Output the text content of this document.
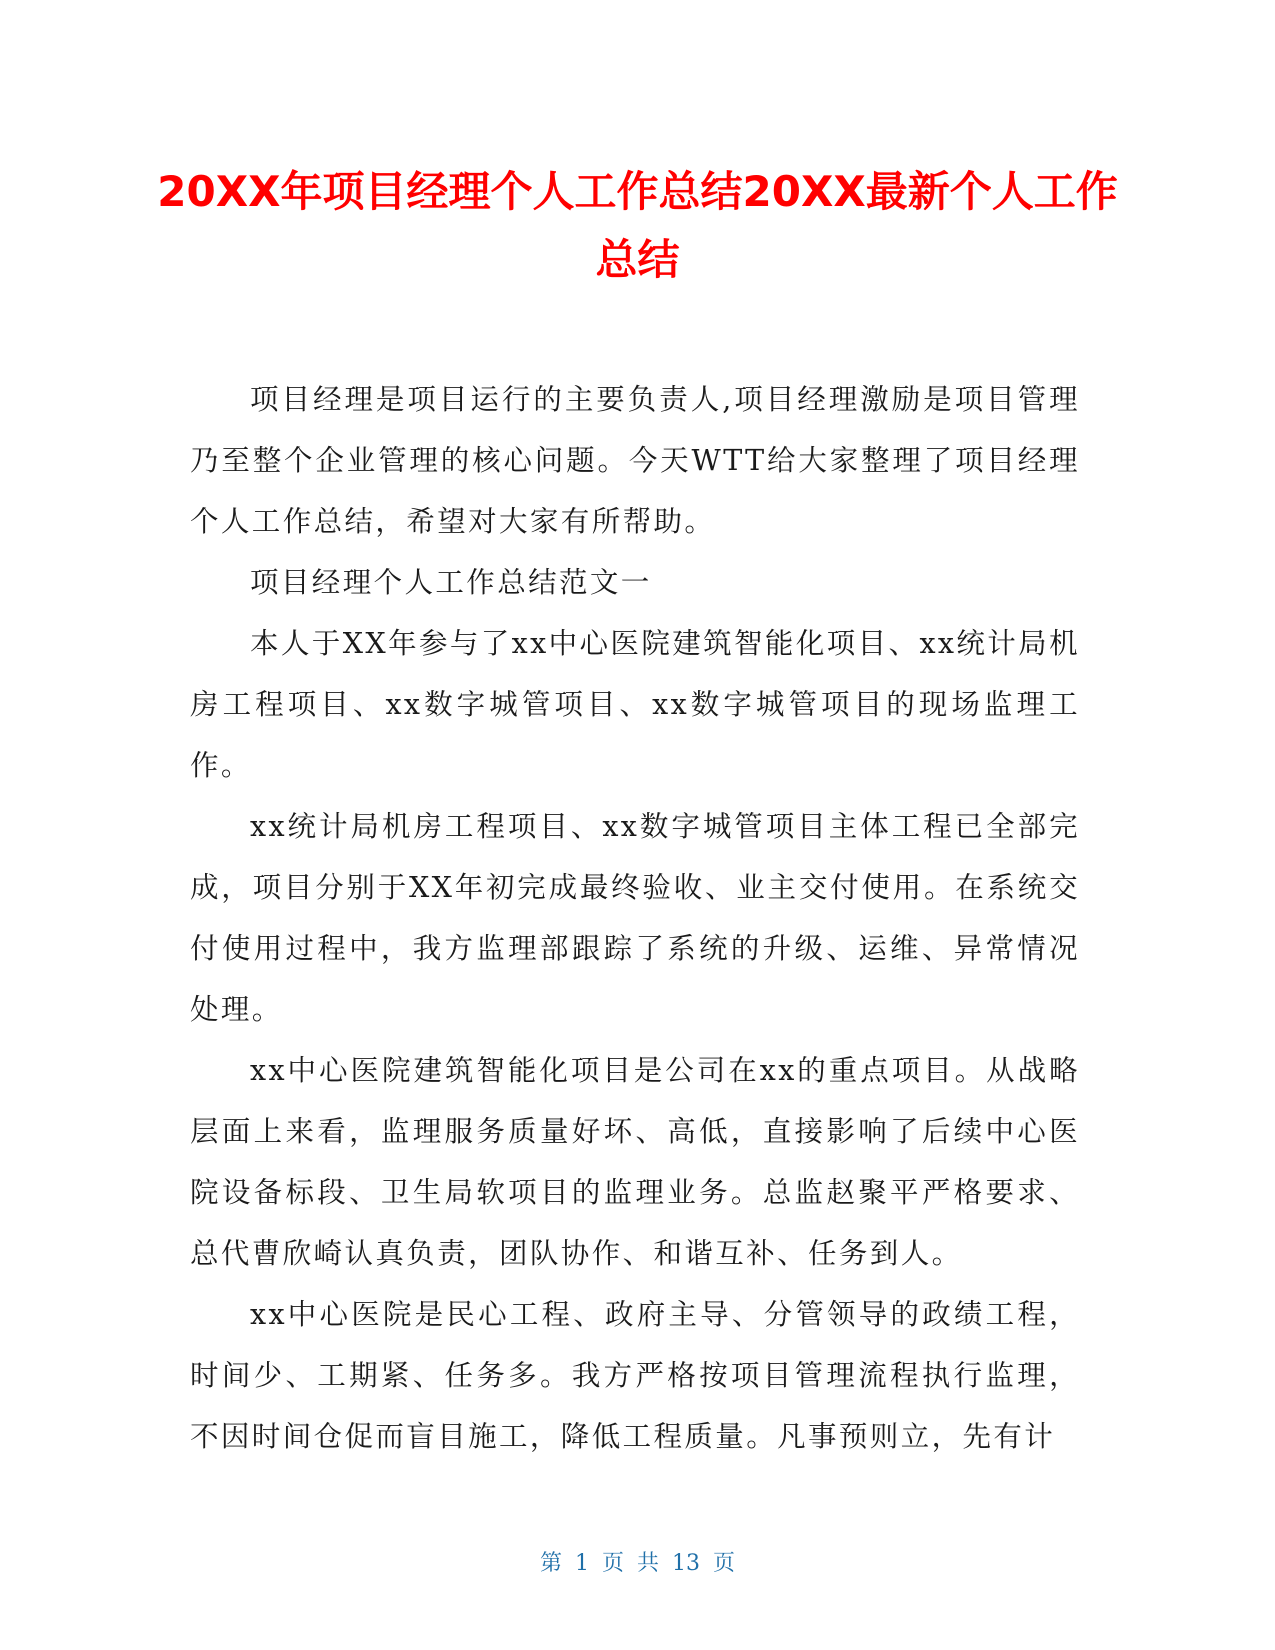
20XX年项目经理个人工作总结20XX最新个人工作总结

项目经理是项目运行的主要负责人,项目经理激励是项目管理乃至整个企业管理的核心问题。今天WTT给大家整理了项目经理个人工作总结，希望对大家有所帮助。

项目经理个人工作总结范文一

本人于XX年参与了xx中心医院建筑智能化项目、xx统计局机房工程项目、xx数字城管项目、xx数字城管项目的现场监理工作。

xx统计局机房工程项目、xx数字城管项目主体工程已全部完成，项目分别于XX年初完成最终验收、业主交付使用。在系统交付使用过程中，我方监理部跟踪了系统的升级、运维、异常情况处理。

xx中心医院建筑智能化项目是公司在xx的重点项目。从战略层面上来看，监理服务质量好坏、高低，直接影响了后续中心医院设备标段、卫生局软项目的监理业务。总监赵聚平严格要求、总代曹欣崎认真负责，团队协作、和谐互补、任务到人。

xx中心医院是民心工程、政府主导、分管领导的政绩工程，时间少、工期紧、任务多。我方严格按项目管理流程执行监理，不因时间仓促而盲目施工，降低工程质量。凡事预则立，先有计

第 1 页 共 13 页
